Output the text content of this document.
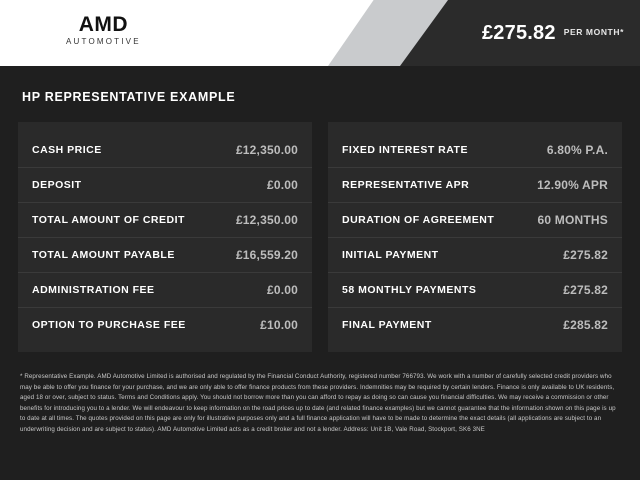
AMD
AUTOMOTIVE	£275.82 PER MONTH*
HP REPRESENTATIVE EXAMPLE
CASH PRICE	£12,350.00
DEPOSIT	£0.00
TOTAL AMOUNT OF CREDIT	£12,350.00
TOTAL AMOUNT PAYABLE	£16,559.20
ADMINISTRATION FEE	£0.00
OPTION TO PURCHASE FEE	£10.00
FIXED INTEREST RATE	6.80% P.A.
REPRESENTATIVE APR	12.90% APR
DURATION OF AGREEMENT	60 MONTHS
INITIAL PAYMENT	£275.82
58 MONTHLY PAYMENTS	£275.82
FINAL PAYMENT	£285.82
* Representative Example. AMD Automotive Limited is authorised and regulated by the Financial Conduct Authority, registered number 766793. We work with a number of carefully selected credit providers who may be able to offer you finance for your purchase, and we are only able to offer finance products from these providers. Indemnities may be required by certain lenders. Finance is only available to UK residents, aged 18 or over, subject to status. Terms and Conditions apply. You should not borrow more than you can afford to repay as doing so can cause you financial difficulties. We may receive a commission or other benefits for introducing you to a lender. We will endeavour to keep information on the road prices up to date (and related finance examples) but we cannot guarantee that the information shown on this page is up to date at all times. The quotes provided on this page are only for illustrative purposes only and a full finance application will have to be made to determine the exact details (all applications are subject to an underwriting decision and are subject to status). AMD Automotive Limited acts as a credit broker and not a lender. Address: Unit 1B, Vale Road, Stockport, SK6 3NE
